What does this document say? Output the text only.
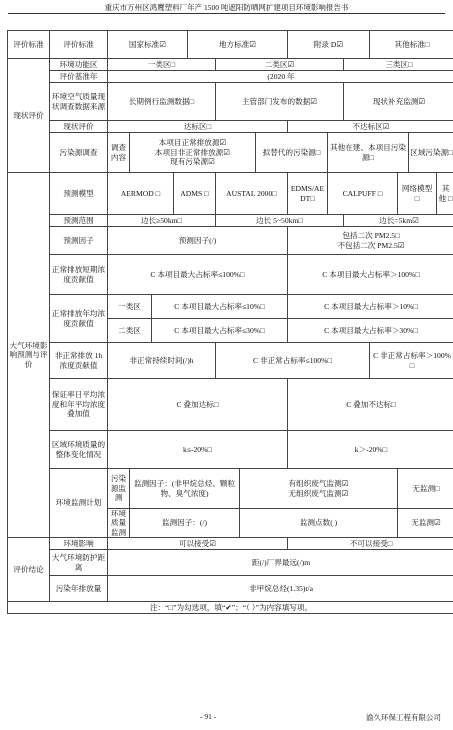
重庆市万州区鸿鹰塑料厂年产 1500 吨遮阳防晒网扩建项目环境影响报告书
评价标准	评价标准	国家标准☑				地方标准☑				附录 D☑			其他标准□			
现状评价	环境功能区	一类区□					二类区☑					三类区□				
	评价基准年	(2020 年														
	环境空气质量现状调查数据来源	长期例行监测数据□					主管部门发布的数据☑					现状补充监测☑				
	现状评价	达标区□								不达标区☑						
	污染源调查	调查内容	本项目正常排放源☑
本项目非正常排放源☑
现有污染源☑						拟替代的污染源□		其他在建、本项目污染源□				区域污染源□	
大气环境影响预测与评价	预测模型	AERMOD □			ADMS □		AUSTAL 2000□			EDMS/AEDT□	CALPUFF □			网络模型 □		其他 □
	预测范围	边长≥50km□					边长 5~50km□					边长=5km☑				
	预测因子	预测因子(/)								包括二次 PM2.5□
不包括二次 PM2.5☑						
	正常排放短期浓度贡献值	C 本项目最大占标率≤100%□								C 本项目最大占标率＞100%□						
	正常排放年均浓度贡献值	一类区		C 本项目最大占标率≤10%□						C 本项目最大占标率＞10%□						
		二类区		C 本项目最大占标率≤30%□						C 本项目最大占标率＞30%□						
	非正常排放 1h 浓度贡献值	非正常持续时间(/)h					C 非正常占标率≤100%□						C 非正常占标率＞100%□			
	保证率日平均浓度和年平均浓度叠加值	C 叠加达标□								C 叠加不达标□						
	区域环境质量的整体变化情况	k≤-20%□								k＞-20%□						
	环境监测计划	污染源监测	监测因子：(非甲烷总烃、颗粒物、臭气浓度)					有组织废气监测☑
无组织废气监测☑						无监测□		
		环境质量监测	监测因子：(/)					监测点数( )						无监测☑		
评价结论	环境影响	可以接受☑								不可以接受□						
	大气环境防护距离	距(/)厂界最远(/)m														
	污染年排放量	非甲烷总烃(1.35)t/a														
注：“□”为勾选项，填“✔”；“（ ）”为内容填写项。																
- 91 -	渝久环保工程有限公司
